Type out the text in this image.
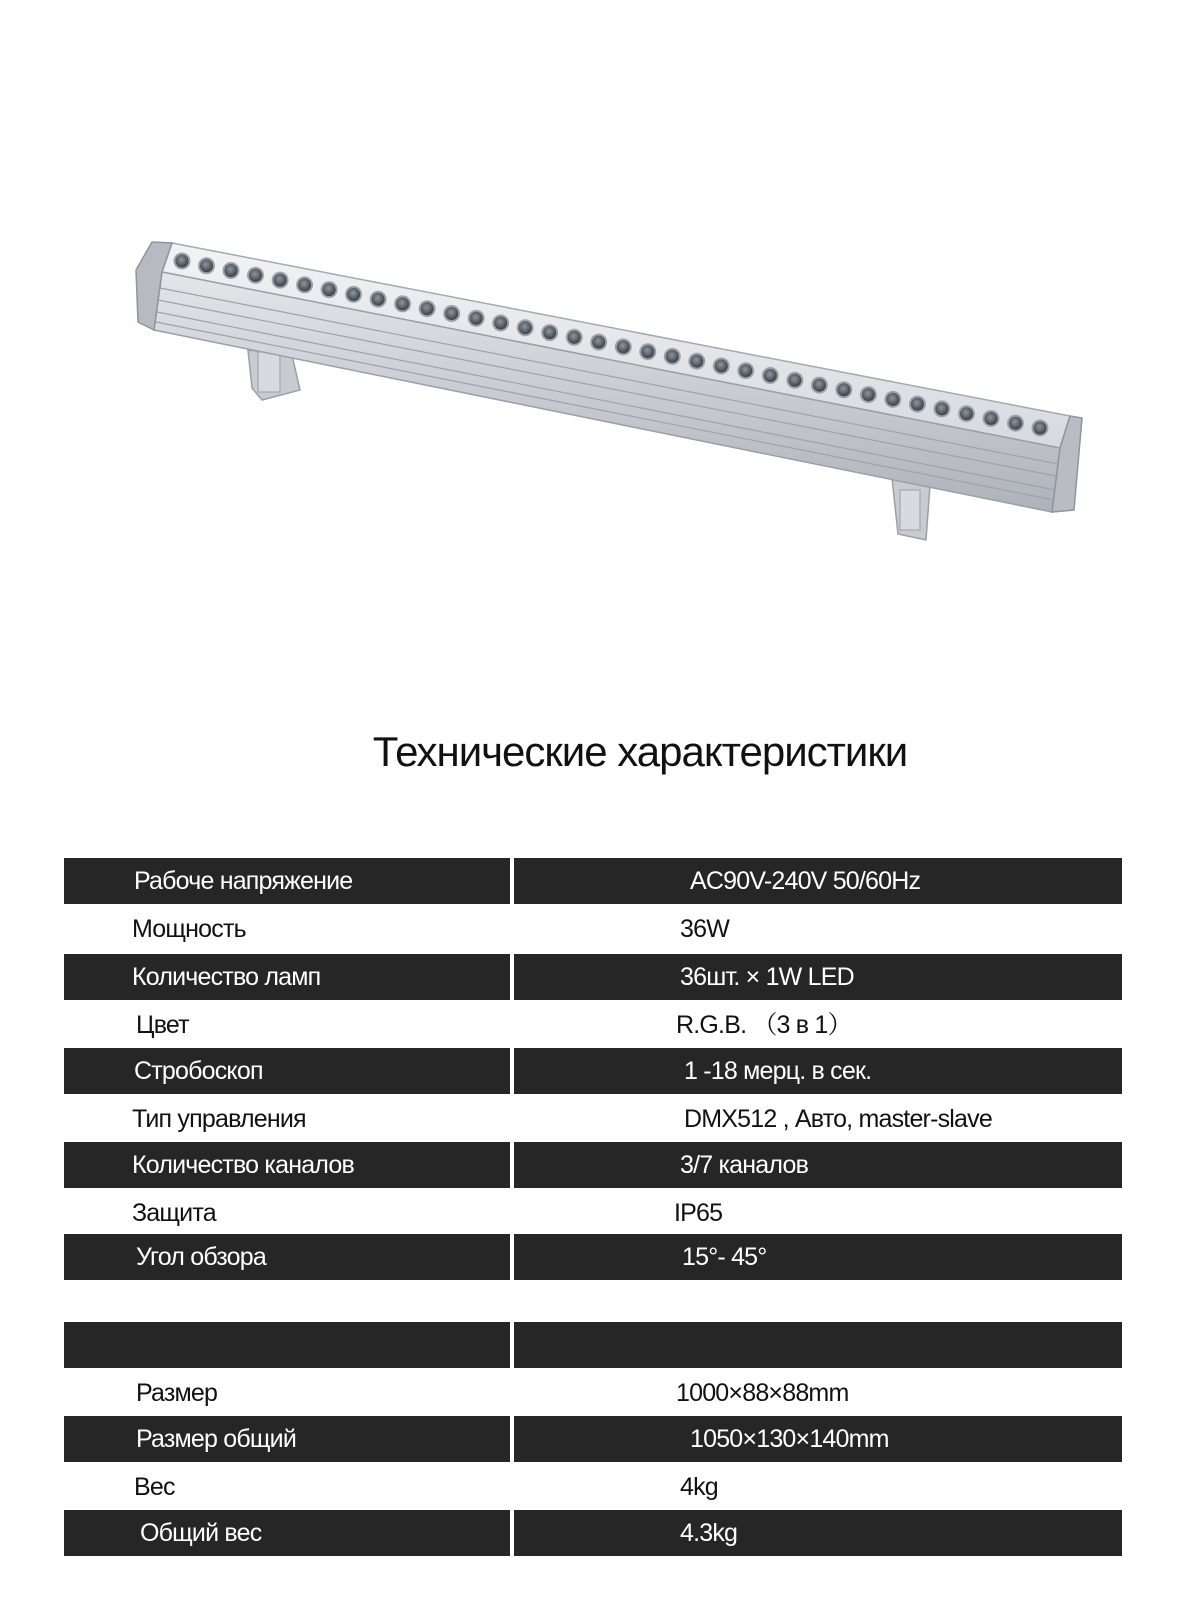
Технические характеристики
Рабоче напряжение	AC90V-240V 50/60Hz
Мощность	36W
Количество ламп	36шт. × 1W LED
Цвет	R.G.B. （3 в 1）
Стробоскоп	1 -18 мерц. в сек.
Тип управления	DMX512 , Авто, master-slave
Количество каналов	3/7 каналов
Защита	IP65
Угол обзора	15°- 45°
Размер	1000×88×88mm
Размер общий	1050×130×140mm
Вес	4kg
Общий вес	4.3kg
